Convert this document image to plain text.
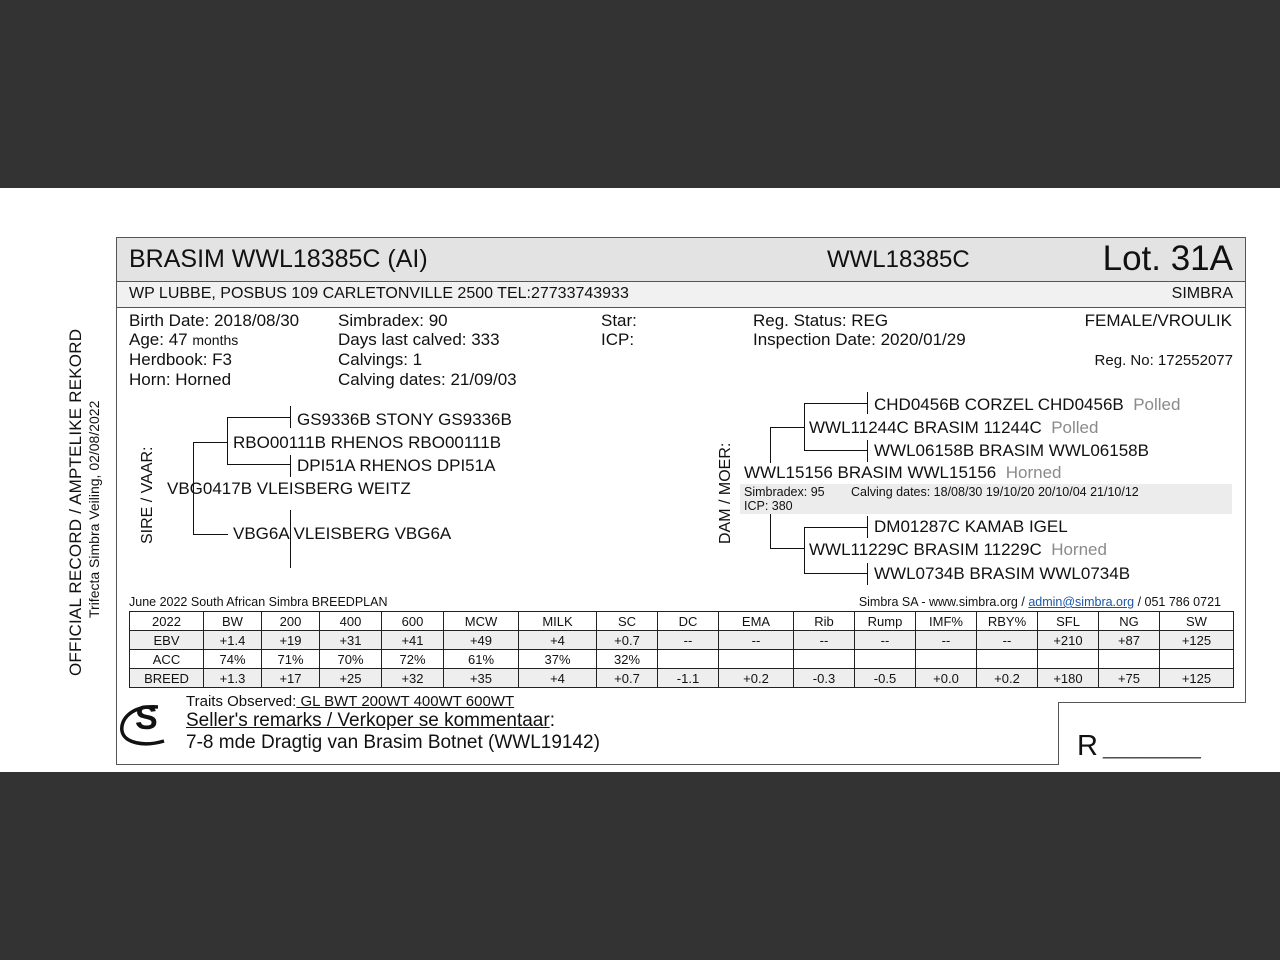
OFFICIAL RECORD / AMPTELIKE REKORD Trifecta Simbra Veiling, 02/08/2022
BRASIM WWL18385C (AI)	WWL18385C	Lot. 31A
WP LUBBE, POSBUS 109 CARLETONVILLE 2500 TEL:27733743933	SIMBRA
Birth Date: 2018/08/30
Age: 47 months
Herdbook: F3
Horn: Horned
Simbradex: 90
Days last calved: 333
Calvings: 1
Calving dates: 21/09/03
Star:
ICP:
Reg. Status: REG
Inspection Date: 2020/01/29
FEMALE/VROULIK
Reg. No: 172552077
SIRE / VAAR:
GS9336B STONY GS9336B
RBO00111B RHENOS RBO00111B
DPI51A RHENOS DPI51A
VBG0417B VLEISBERG WEITZ
VBG6A VLEISBERG VBG6A	DAM / MOER: Simbradex: 95 Calving dates: 18/08/30 19/10/20 20/10/04 21/10/12
ICP: 380
CHD0456B CORZEL CHD0456B Polled
WWL11244C BRASIM 11244C Polled
WWL06158B BRASIM WWL06158B
WWL15156 BRASIM WWL15156 Horned
DM01287C KAMAB IGEL
WWL11229C BRASIM 11229C Horned
WWL0734B BRASIM WWL0734B
June 2022 South African Simbra BREEDPLAN	Simbra SA - www.simbra.org / admin@simbra.org / 051 786 0721
2022	BW	200	400	600	MCW	MILK	SC	DC	EMA	Rib	Rump	IMF%	RBY%	SFL	NG	SW
EBV	+1.4	+19	+31	+41	+49	+4	+0.7	--	--	--	--	--	--	+210	+87	+125
ACC	74%	71%	70%	72%	61%	37%	32%									
BREED	+1.3	+17	+25	+32	+35	+4	+0.7	-1.1	+0.2	-0.3	-0.5	+0.0	+0.2	+180	+75	+125
S Traits Observed: GL BWT 200WT 400WT 600WT
Seller's remarks / Verkoper se kommentaar:
7-8 mde Dragtig van Brasim Botnet (WWL19142)	R ________
